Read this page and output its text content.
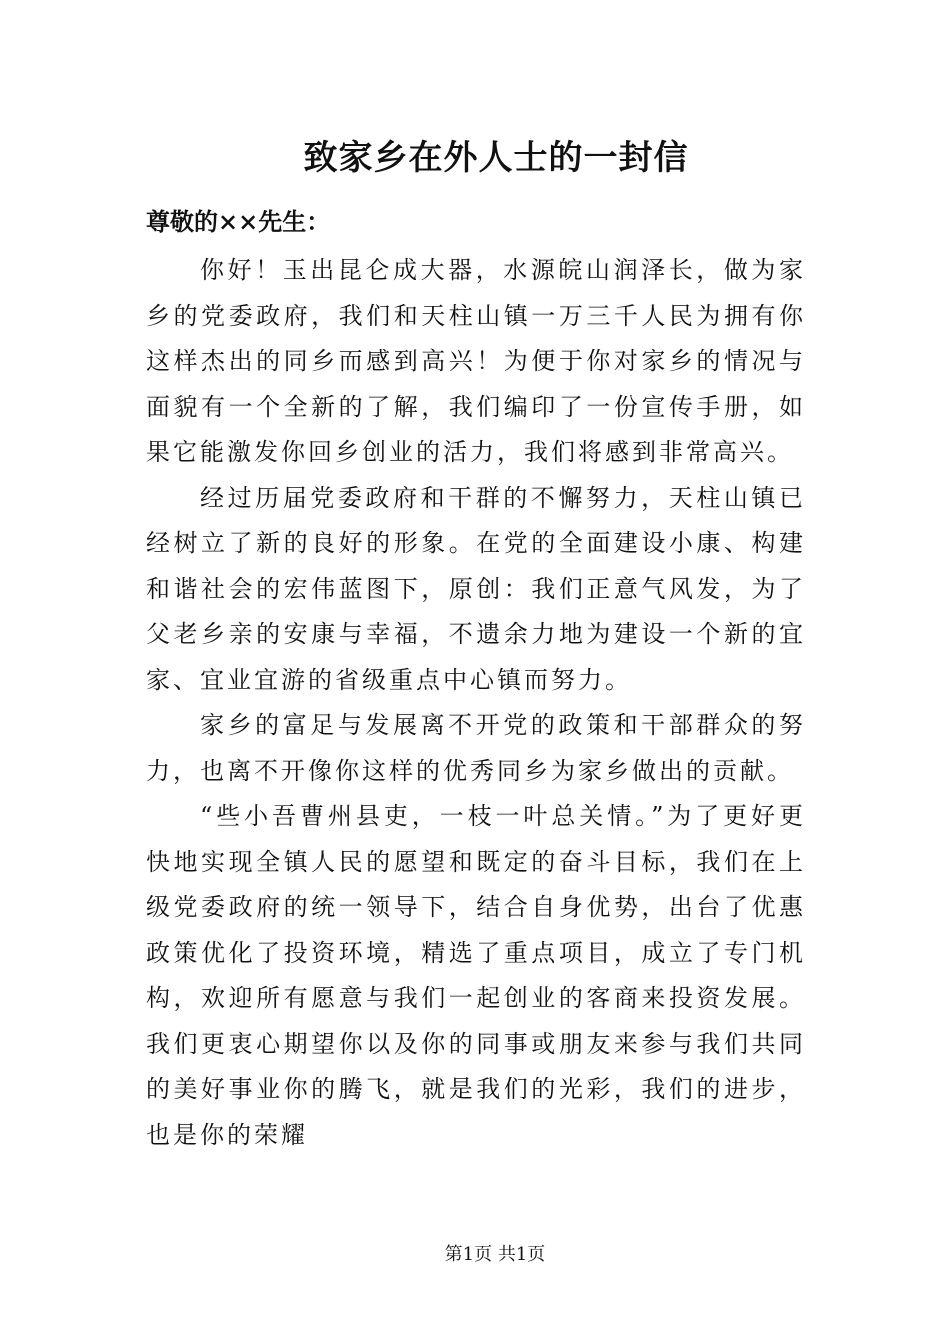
致家乡在外人士的一封信
尊敬的××先生：

你好！玉出昆仑成大器，水源皖山润泽长，做为家乡的党委政府，我们和天柱山镇一万三千人民为拥有你这样杰出的同乡而感到高兴！为便于你对家乡的情况与面貌有一个全新的了解，我们编印了一份宣传手册，如果它能激发你回乡创业的活力，我们将感到非常高兴。

经过历届党委政府和干群的不懈努力，天柱山镇已经树立了新的良好的形象。在党的全面建设小康、构建和谐社会的宏伟蓝图下，原创：我们正意气风发，为了父老乡亲的安康与幸福，不遗余力地为建设一个新的宜家、宜业宜游的省级重点中心镇而努力。

家乡的富足与发展离不开党的政策和干部群众的努力，也离不开像你这样的优秀同乡为家乡做出的贡献。

“些小吾曹州县吏，一枝一叶总关情。”为了更好更快地实现全镇人民的愿望和既定的奋斗目标，我们在上级党委政府的统一领导下，结合自身优势，出台了优惠政策优化了投资环境，精选了重点项目，成立了专门机构，欢迎所有愿意与我们一起创业的客商来投资发展。我们更衷心期望你以及你的同事或朋友来参与我们共同的美好事业你的腾飞，就是我们的光彩，我们的进步，也是你的荣耀

第1页 共1页
